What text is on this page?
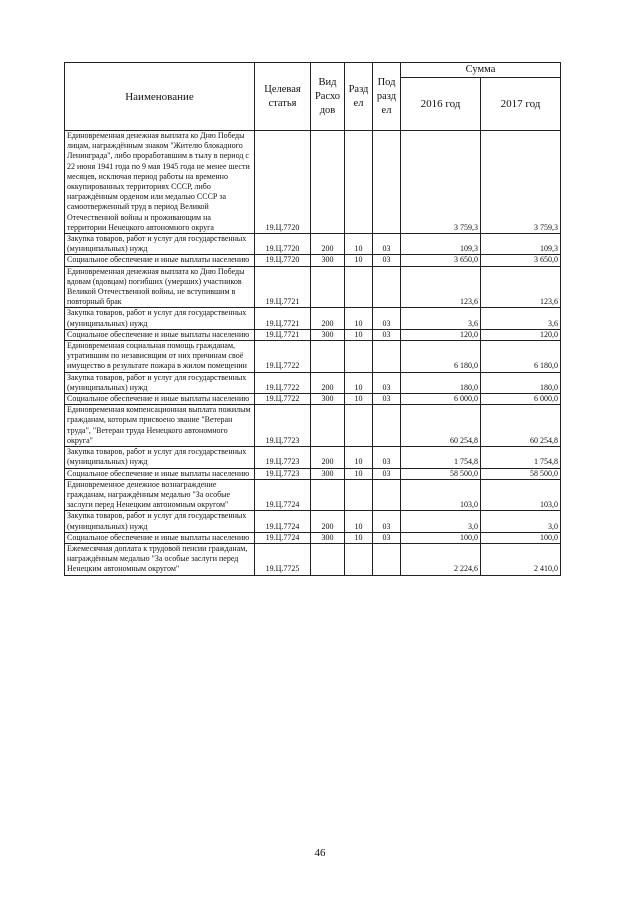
Наименование	Целевая статья	Вид Расхо дов	Разд ел	Под разд ел	Сумма	
					2016 год	2017 год
Единовременная денежная выплата ко Дню Победы лицам, награждённым знаком "Жителю блокадного Ленинграда", либо проработавшим в тылу в период с 22 июня 1941 года по 9 мая 1945 года не менее шести месяцев, исключая период работы на временно оккупированных территориях СССР, либо награждённым орденом или медалью СССР за самоотверженный труд в период Великой Отечественной войны и проживающим на территории Ненецкого автономного округа	19.Ц.7720				3 759,3	3 759,3
Закупка товаров, работ и услуг для государственных (муниципальных) нужд	19.Ц.7720	200	10	03	109,3	109,3
Социальное обеспечение и иные выплаты населению	19.Ц.7720	300	10	03	3 650,0	3 650,0
Единовременная денежная выплата ко Дню Победы вдовам (вдовцам) погибших (умерших) участников Великой Отечественной войны, не вступившим в повторный брак	19.Ц.7721				123,6	123,6
Закупка товаров, работ и услуг для государственных (муниципальных) нужд	19.Ц.7721	200	10	03	3,6	3,6
Социальное обеспечение и иные выплаты населению	19.Ц.7721	300	10	03	120,0	120,0
Единовременная социальная помощь гражданам, утратившим по независящим от них причинам своё имущество в результате пожара в жилом помещении	19.Ц.7722				6 180,0	6 180,0
Закупка товаров, работ и услуг для государственных (муниципальных) нужд	19.Ц.7722	200	10	03	180,0	180,0
Социальное обеспечение и иные выплаты населению	19.Ц.7722	300	10	03	6 000,0	6 000,0
Единовременная компенсационная выплата пожилым гражданам, которым присвоено звание "Ветеран труда", "Ветеран труда Ненецкого автономного округа"	19.Ц.7723				60 254,8	60 254,8
Закупка товаров, работ и услуг для государственных (муниципальных) нужд	19.Ц.7723	200	10	03	1 754,8	1 754,8
Социальное обеспечение и иные выплаты населению	19.Ц.7723	300	10	03	58 500,0	58 500,0
Единовременное денежное вознаграждение гражданам, награждённым медалью "За особые заслуги перед Ненецким автономным округом"	19.Ц.7724				103,0	103,0
Закупка товаров, работ и услуг для государственных (муниципальных) нужд	19.Ц.7724	200	10	03	3,0	3,0
Социальное обеспечение и иные выплаты населению	19.Ц.7724	300	10	03	100,0	100,0
Ежемесячная доплата к трудовой пенсии гражданам, награждённым медалью "За особые заслуги перед Ненецким автономным округом"	19.Ц.7725				2 224,6	2 410,0
46
